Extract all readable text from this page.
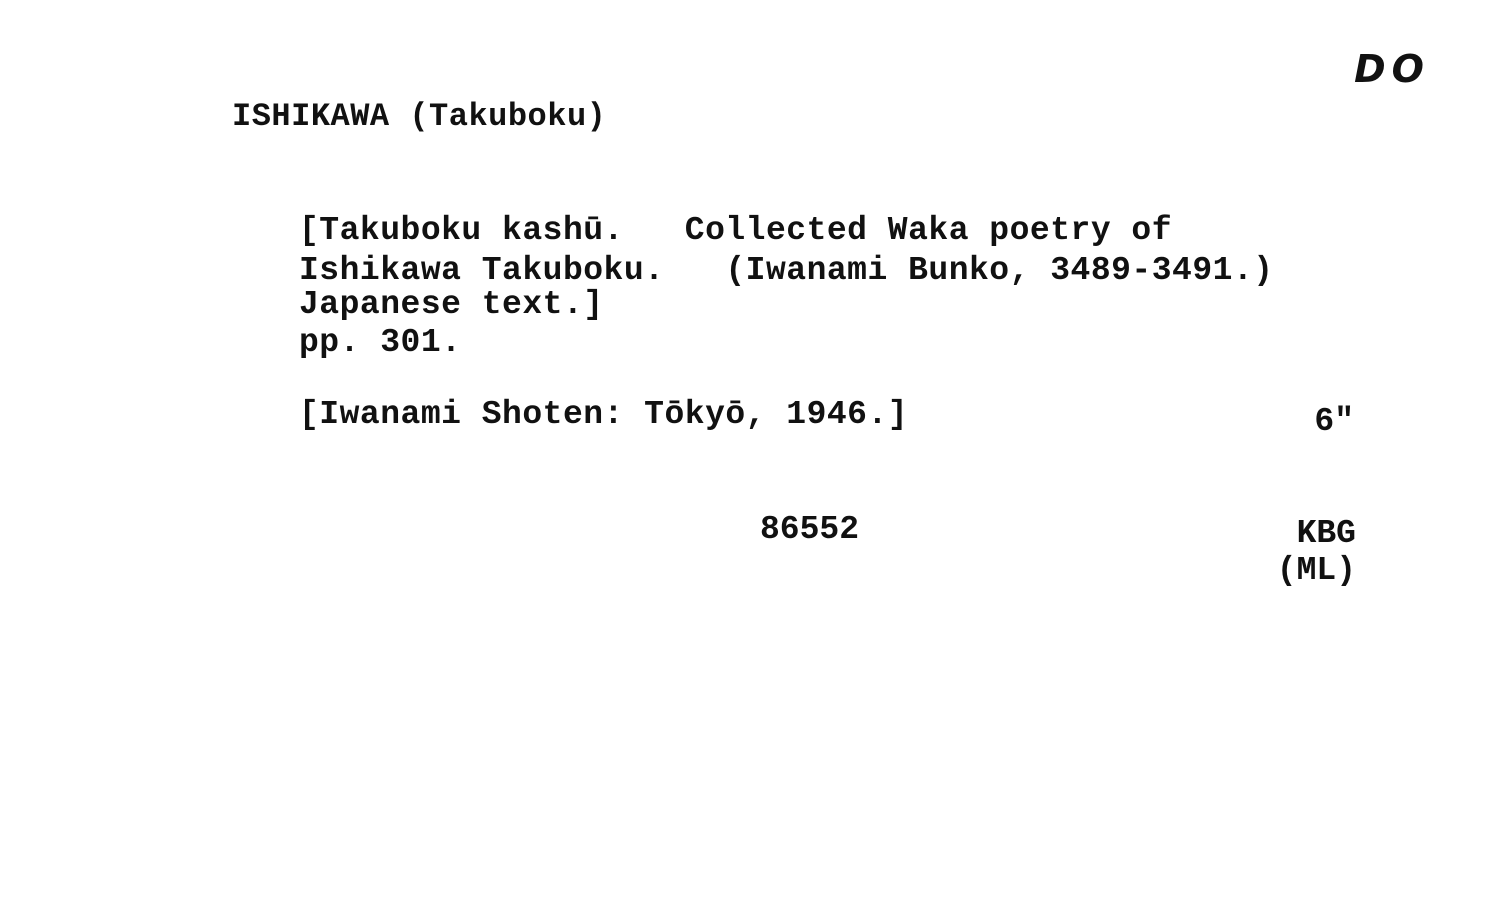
DO
ISHIKAWA (Takuboku)
[Takuboku kashū.   Collected Waka poetry of
Ishikawa Takuboku.   (Iwanami Bunko, 3489-3491.)
Japanese text.]
pp. 301.
[Iwanami Shoten: Tōkyō, 1946.]	6"
86552	KBG
(ML)
